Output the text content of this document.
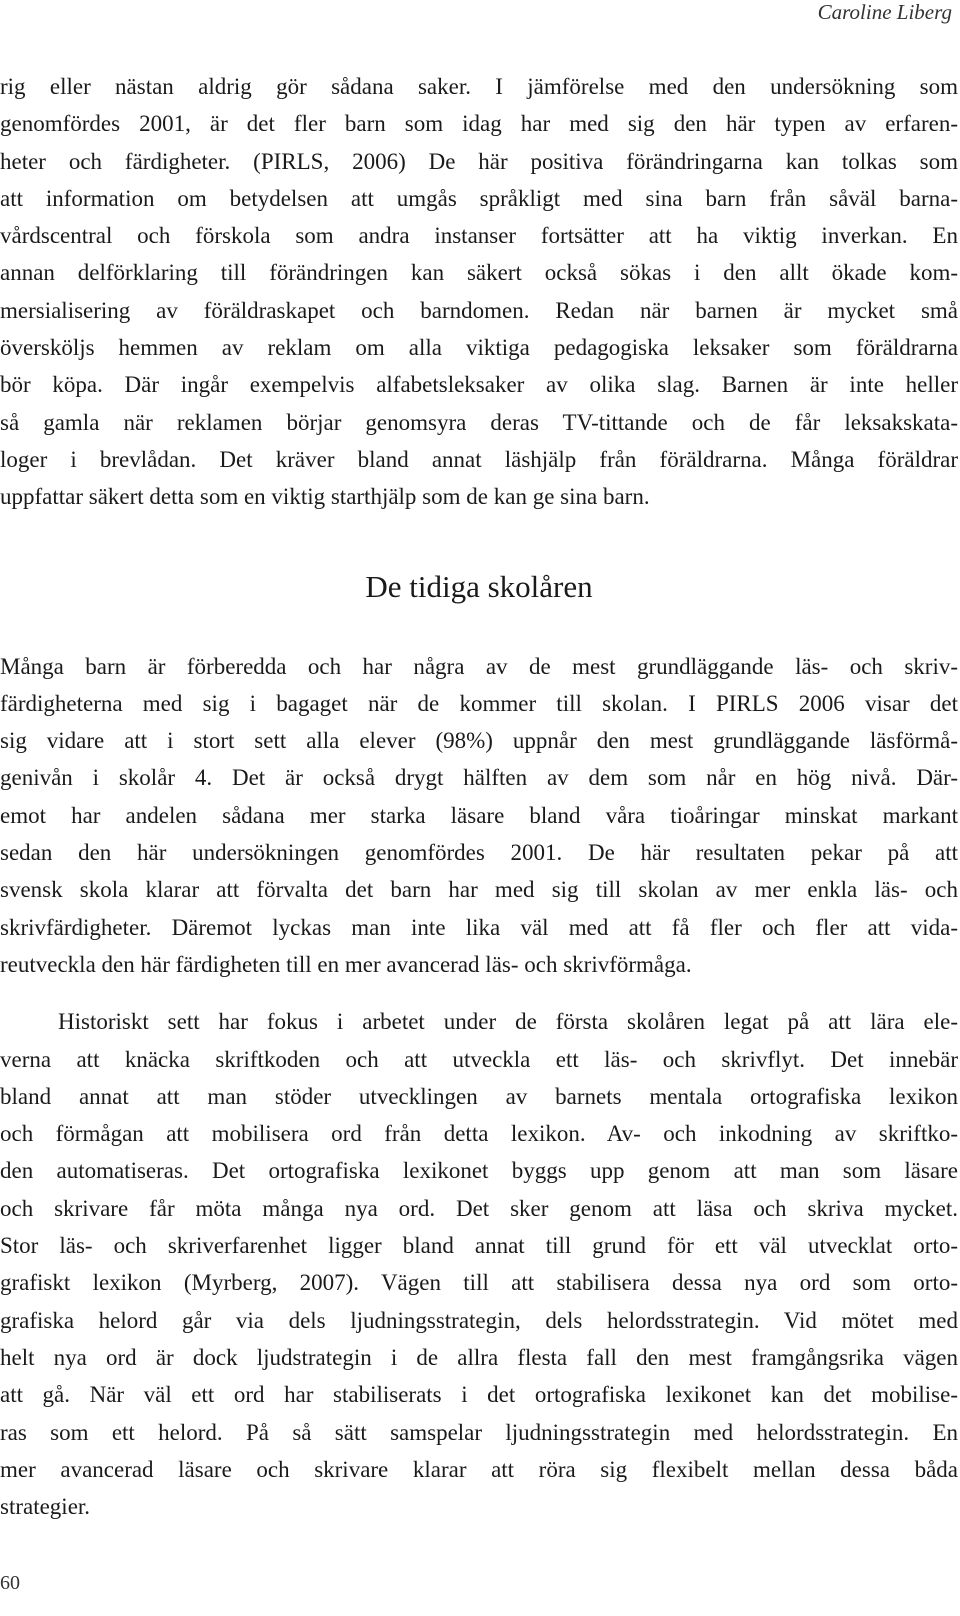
Caroline Liberg
rig eller nästan aldrig gör sådana saker. I jämförelse med den undersökning som
genomfördes 2001, är det fler barn som idag har med sig den här typen av erfaren-
heter och färdigheter. (PIRLS, 2006) De här positiva förändringarna kan tolkas som
att information om betydelsen att umgås språkligt med sina barn från såväl barna-
vårdscentral och förskola som andra instanser fortsätter att ha viktig inverkan. En
annan delförklaring till förändringen kan säkert också sökas i den allt ökade kom-
mersialisering av föräldraskapet och barndomen. Redan när barnen är mycket små
översköljs hemmen av reklam om alla viktiga pedagogiska leksaker som föräldrarna
bör köpa. Där ingår exempelvis alfabetsleksaker av olika slag. Barnen är inte heller
så gamla när reklamen börjar genomsyra deras TV-tittande och de får leksakskata-
loger i brevlådan. Det kräver bland annat läshjälp från föräldrarna. Många föräldrar
uppfattar säkert detta som en viktig starthjälp som de kan ge sina barn.
De tidiga skolåren
Många barn är förberedda och har några av de mest grundläggande läs- och skriv-
färdigheterna med sig i bagaget när de kommer till skolan. I PIRLS 2006 visar det
sig vidare att i stort sett alla elever (98%) uppnår den mest grundläggande läsförmå-
genivån i skolår 4. Det är också drygt hälften av dem som når en hög nivå. Där-
emot har andelen sådana mer starka läsare bland våra tioåringar minskat markant
sedan den här undersökningen genomfördes 2001. De här resultaten pekar på att
svensk skola klarar att förvalta det barn har med sig till skolan av mer enkla läs- och
skrivfärdigheter. Däremot lyckas man inte lika väl med att få fler och fler att vida-
reutveckla den här färdigheten till en mer avancerad läs- och skrivförmåga.
Historiskt sett har fokus i arbetet under de första skolåren legat på att lära ele-
verna att knäcka skriftkoden och att utveckla ett läs- och skrivflyt. Det innebär
bland annat att man stöder utvecklingen av barnets mentala ortografiska lexikon
och förmågan att mobilisera ord från detta lexikon. Av- och inkodning av skriftko-
den automatiseras. Det ortografiska lexikonet byggs upp genom att man som läsare
och skrivare får möta många nya ord. Det sker genom att läsa och skriva mycket.
Stor läs- och skriverfarenhet ligger bland annat till grund för ett väl utvecklat orto-
grafiskt lexikon (Myrberg, 2007). Vägen till att stabilisera dessa nya ord som orto-
grafiska helord går via dels ljudningsstrategin, dels helordsstrategin. Vid mötet med
helt nya ord är dock ljudstrategin i de allra flesta fall den mest framgångsrika vägen
att gå. När väl ett ord har stabiliserats i det ortografiska lexikonet kan det mobilise-
ras som ett helord. På så sätt samspelar ljudningsstrategin med helordsstrategin. En
mer avancerad läsare och skrivare klarar att röra sig flexibelt mellan dessa båda
strategier.
60
